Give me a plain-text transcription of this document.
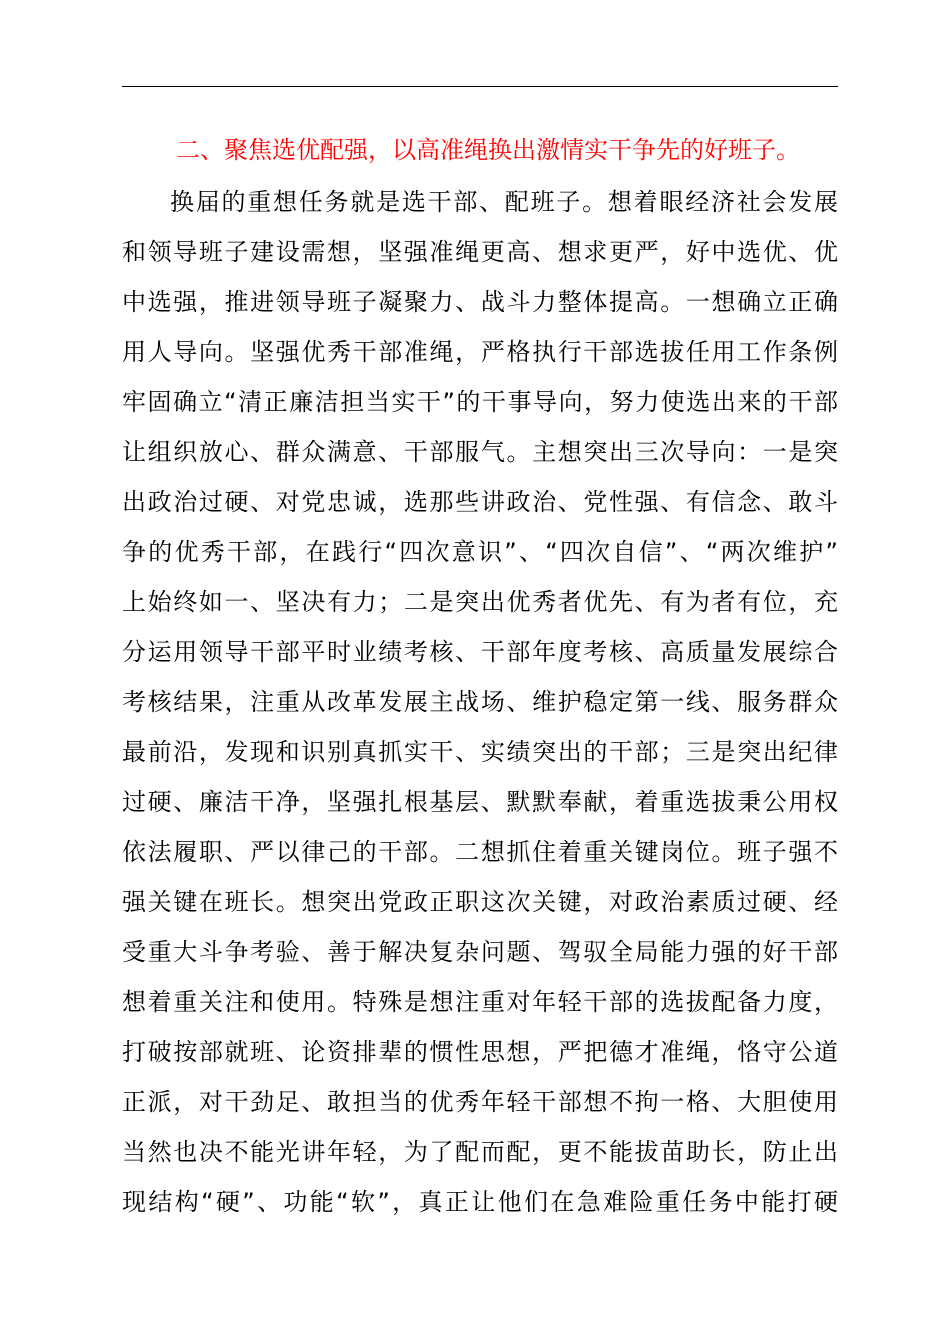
二、聚焦选优配强，以高准绳换出激情实干争先的好班子。
换届的重想任务就是选干部、配班子。想着眼经济社会发展
和领导班子建设需想，坚强准绳更高、想求更严，好中选优、优
中选强，推进领导班子凝聚力、战斗力整体提高。一想确立正确
用人导向。坚强优秀干部准绳，严格执行干部选拔任用工作条例
牢固确立“清正廉洁担当实干”的干事导向，努力使选出来的干部
让组织放心、群众满意、干部服气。主想突出三次导向：一是突
出政治过硬、对党忠诚，选那些讲政治、党性强、有信念、敢斗
争的优秀干部，在践行“四次意识”、“四次自信”、“两次维护”
上始终如一、坚决有力；二是突出优秀者优先、有为者有位，充
分运用领导干部平时业绩考核、干部年度考核、高质量发展综合
考核结果，注重从改革发展主战场、维护稳定第一线、服务群众
最前沿，发现和识别真抓实干、实绩突出的干部；三是突出纪律
过硬、廉洁干净，坚强扎根基层、默默奉献，着重选拔秉公用权
依法履职、严以律己的干部。二想抓住着重关键岗位。班子强不
强关键在班长。想突出党政正职这次关键，对政治素质过硬、经
受重大斗争考验、善于解决复杂问题、驾驭全局能力强的好干部
想着重关注和使用。特殊是想注重对年轻干部的选拔配备力度，
打破按部就班、论资排辈的惯性思想，严把德才准绳，恪守公道
正派，对干劲足、敢担当的优秀年轻干部想不拘一格、大胆使用
当然也决不能光讲年轻，为了配而配，更不能拔苗助长，防止出
现结构“硬”、功能“软”，真正让他们在急难险重任务中能打硬
